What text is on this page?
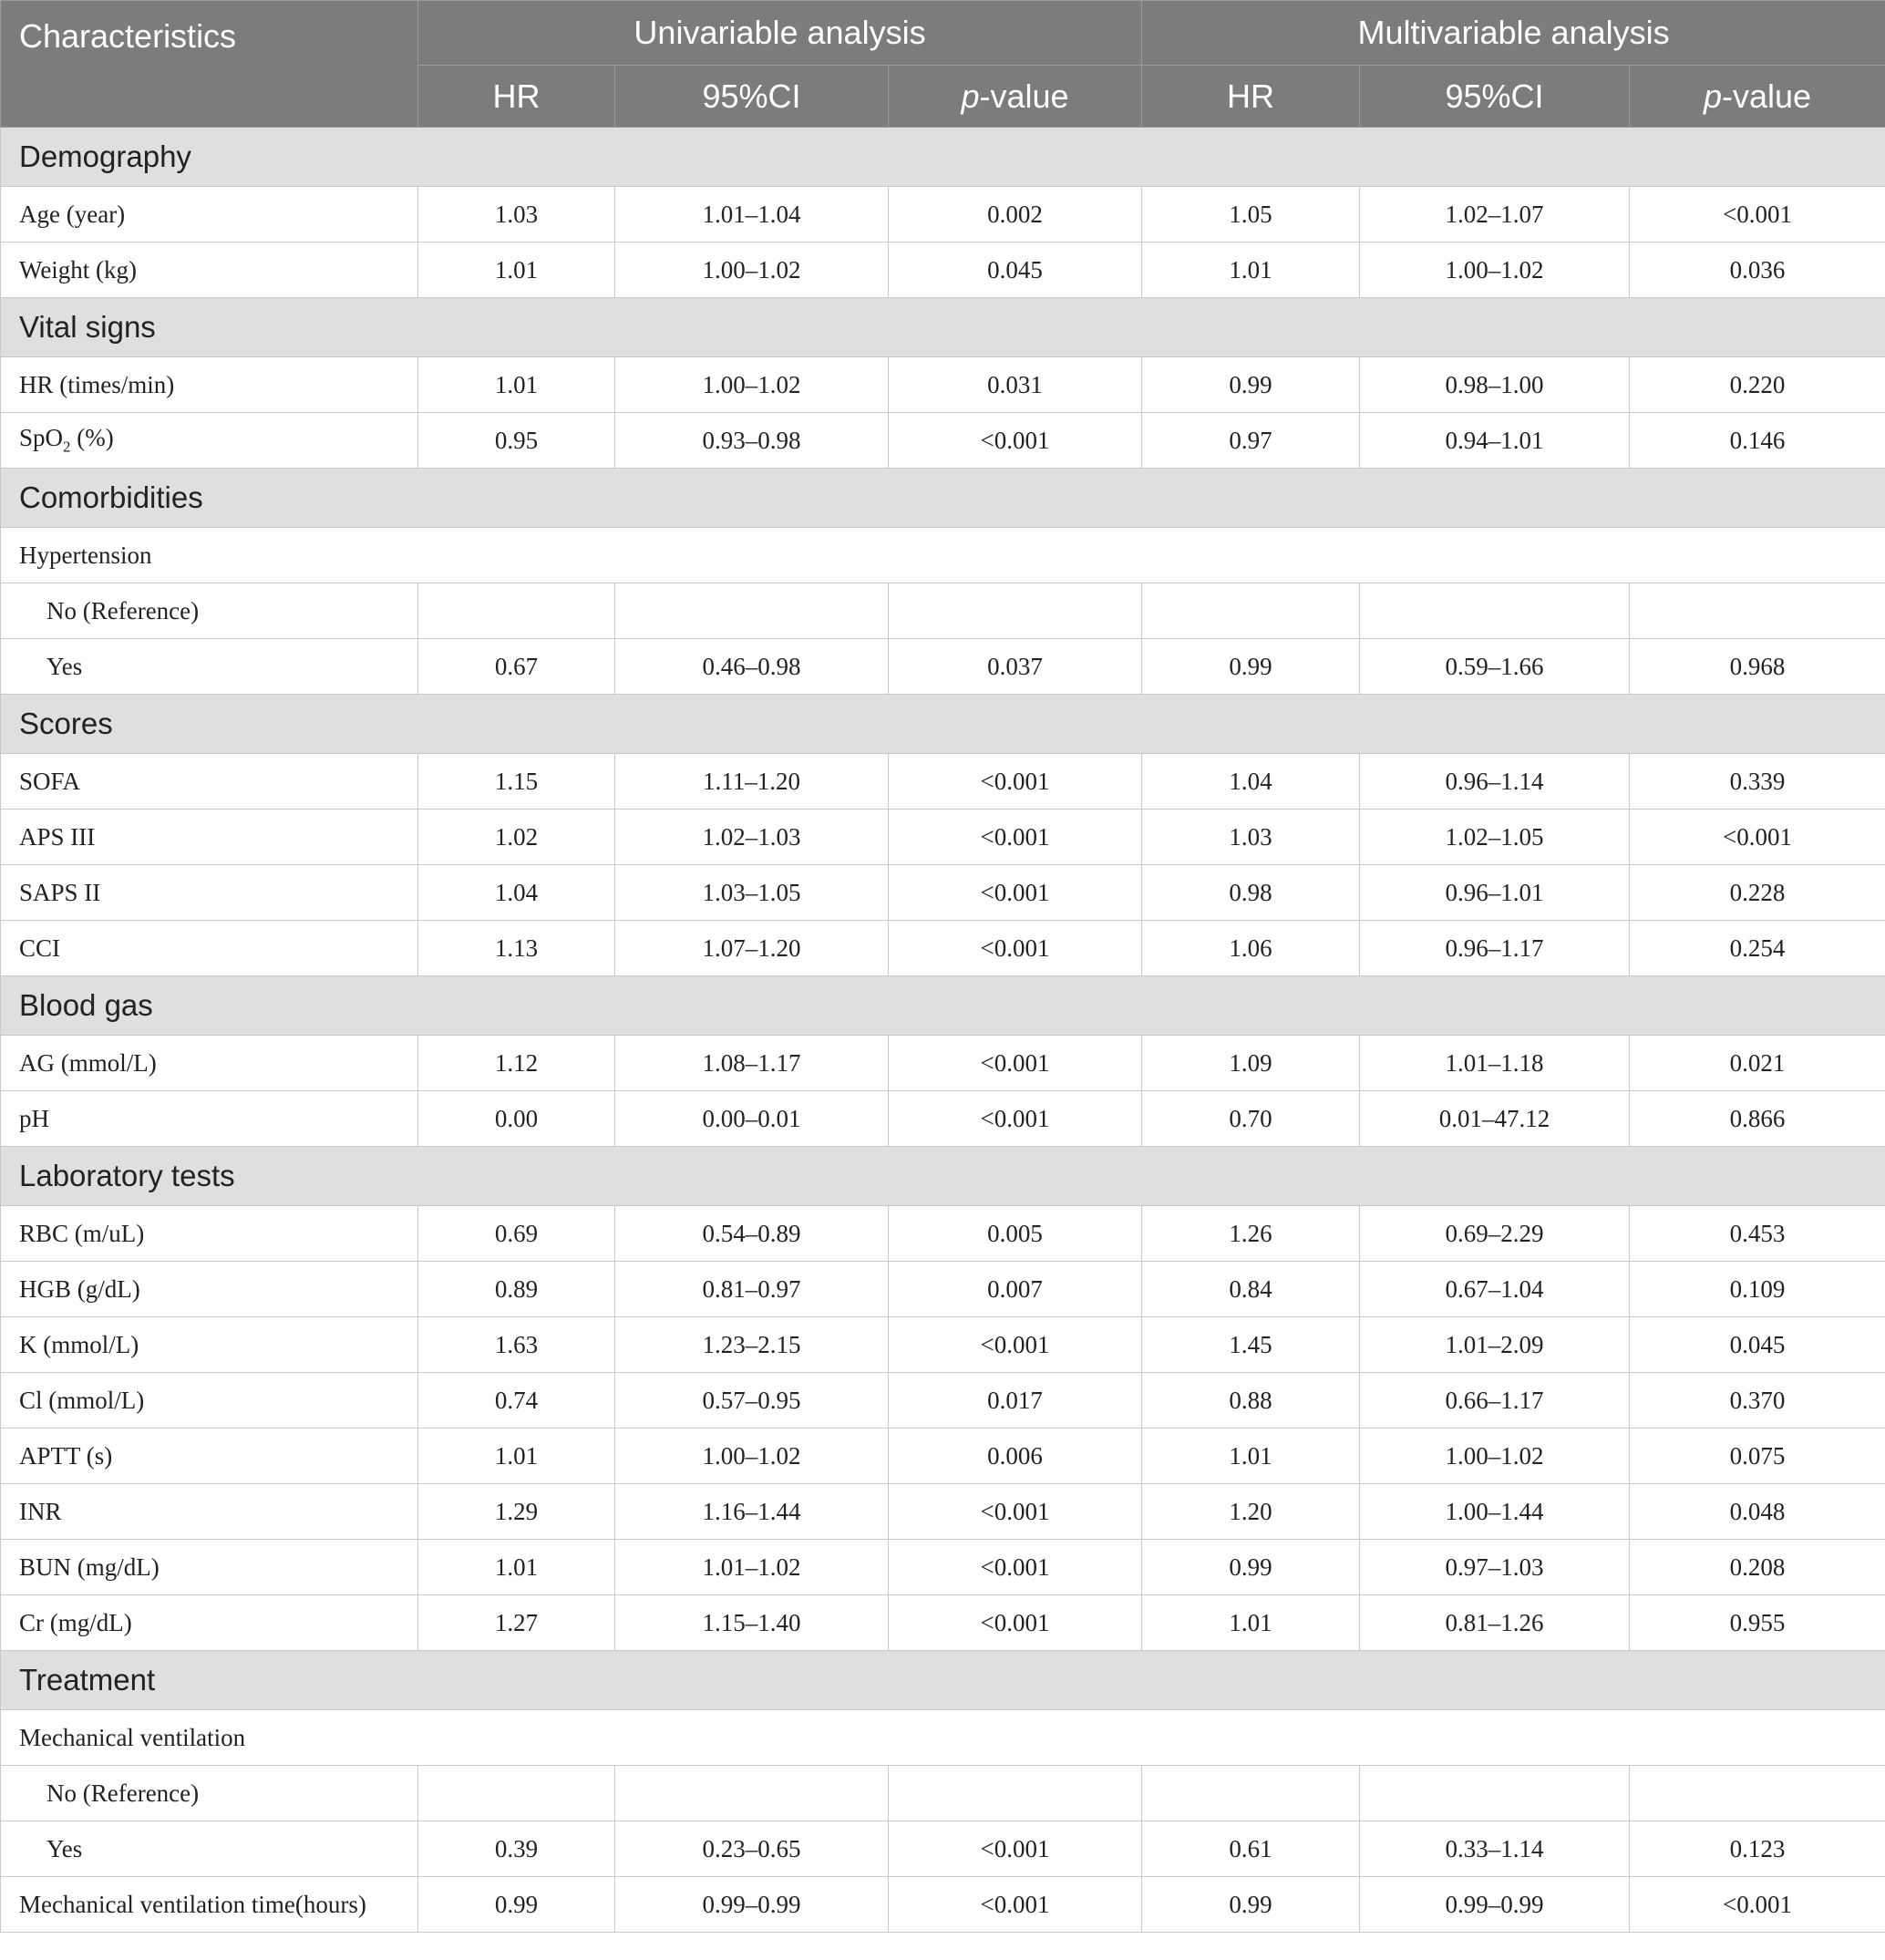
Characteristics	Univariable analysis			Multivariable analysis		
	HR	95%CI	p-value	HR	95%CI	p-value
Demography						
Age (year)	1.03	1.01–1.04	0.002	1.05	1.02–1.07	<0.001
Weight (kg)	1.01	1.00–1.02	0.045	1.01	1.00–1.02	0.036
Vital signs						
HR (times/min)	1.01	1.00–1.02	0.031	0.99	0.98–1.00	0.220
SpO$_2$ (%)	0.95	0.93–0.98	<0.001	0.97	0.94–1.01	0.146
Comorbidities						
Hypertension						
No (Reference)						
Yes	0.67	0.46–0.98	0.037	0.99	0.59–1.66	0.968
Scores						
SOFA	1.15	1.11–1.20	<0.001	1.04	0.96–1.14	0.339
APS III	1.02	1.02–1.03	<0.001	1.03	1.02–1.05	<0.001
SAPS II	1.04	1.03–1.05	<0.001	0.98	0.96–1.01	0.228
CCI	1.13	1.07–1.20	<0.001	1.06	0.96–1.17	0.254
Blood gas						
AG (mmol/L)	1.12	1.08–1.17	<0.001	1.09	1.01–1.18	0.021
pH	0.00	0.00–0.01	<0.001	0.70	0.01–47.12	0.866
Laboratory tests						
RBC (m/uL)	0.69	0.54–0.89	0.005	1.26	0.69–2.29	0.453
HGB (g/dL)	0.89	0.81–0.97	0.007	0.84	0.67–1.04	0.109
K (mmol/L)	1.63	1.23–2.15	<0.001	1.45	1.01–2.09	0.045
Cl (mmol/L)	0.74	0.57–0.95	0.017	0.88	0.66–1.17	0.370
APTT (s)	1.01	1.00–1.02	0.006	1.01	1.00–1.02	0.075
INR	1.29	1.16–1.44	<0.001	1.20	1.00–1.44	0.048
BUN (mg/dL)	1.01	1.01–1.02	<0.001	0.99	0.97–1.03	0.208
Cr (mg/dL)	1.27	1.15–1.40	<0.001	1.01	0.81–1.26	0.955
Treatment						
Mechanical ventilation						
No (Reference)						
Yes	0.39	0.23–0.65	<0.001	0.61	0.33–1.14	0.123
Mechanical ventilation time(hours)	0.99	0.99–0.99	<0.001	0.99	0.99–0.99	<0.001
